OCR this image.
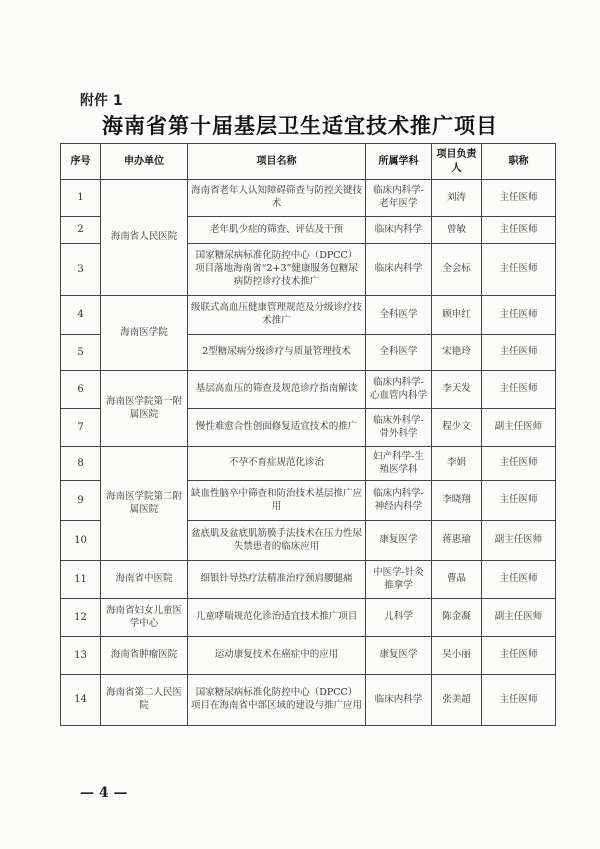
附件 1
海南省第十届基层卫生适宜技术推广项目
序号	申办单位	项目名称	所属学科	项目负责人	职称
1	海南省人民医院	海南省老年人认知障碍筛查与防控关键技术	临床内科学-老年医学	刘涛	主任医师
2		老年肌少症的筛查、评估及干预	临床内科学	曾敏	主任医师
3		国家糖尿病标准化防控中心（DPCC）项目落地海南省“2+3”健康服务包糖尿病防控诊疗技术推广	临床内科学	全会标	主任医师
4	海南医学院	级联式高血压健康管理规范及分级诊疗技术推广	全科医学	顾申红	主任医师
5		2型糖尿病分级诊疗与质量管理技术	全科医学	宋艳玲	主任医师
6	海南医学院第一附属医院	基层高血压的筛查及规范诊疗指南解读	临床内科学-心血管内科学	李天发	主任医师
7		慢性难愈合性创面修复适宜技术的推广	临床外科学-骨外科学	程少文	副主任医师
8	海南医学院第二附属医院	不孕不育症规范化诊治	妇产科学-生殖医学科	李娟	主任医师
9		缺血性脑卒中筛查和防治技术基层推广应用	临床内科学-神经内科学	李晓翔	主任医师
10		盆底肌及盆底肌筋膜手法技术在压力性尿失禁患者的临床应用	康复医学	蒋惠瑜	副主任医师
11	海南省中医院	细银针导热疗法精准治疗颈肩腰腿痛	中医学-针灸推拿学	曹晶	主任医师
12	海南省妇女儿童医学中心	儿童哮喘规范化诊治适宜技术推广项目	儿科学	陈金凝	副主任医师
13	海南省肿瘤医院	运动康复技术在癌症中的应用	康复医学	吴小丽	主任医师
14	海南省第二人民医院	国家糖尿病标准化防控中心（DPCC）项目在海南省中部区域的建设与推广应用	临床内科学	张美超	主任医师
— 4 —
